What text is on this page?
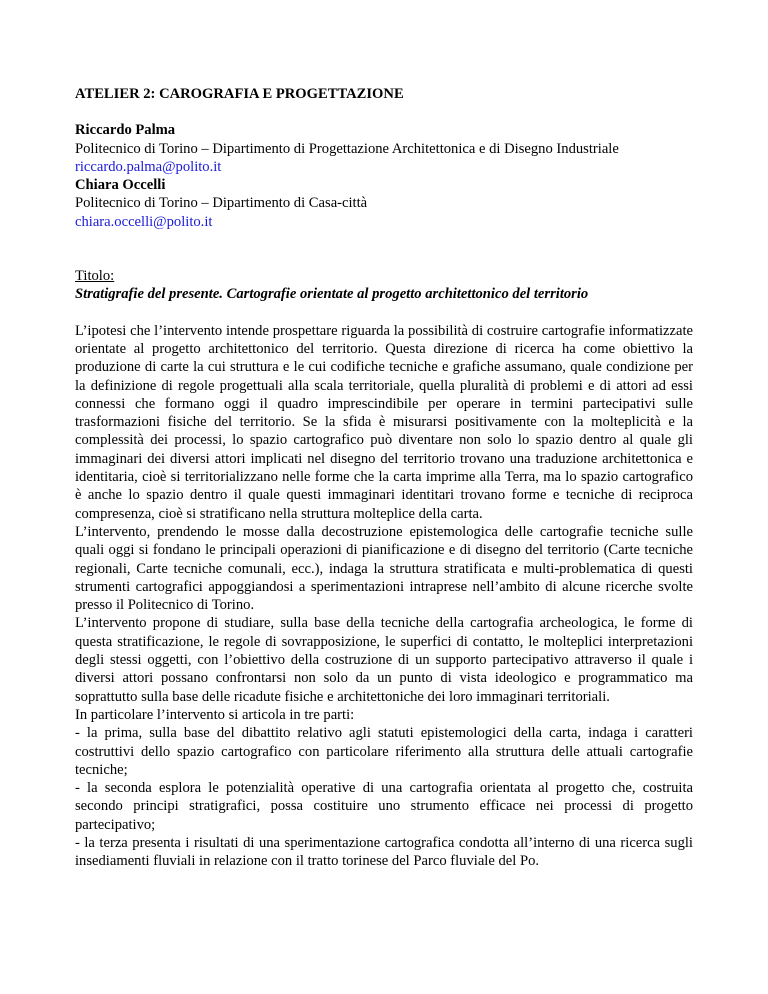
ATELIER 2: CAROGRAFIA E PROGETTAZIONE

Riccardo Palma

Politecnico di Torino – Dipartimento di Progettazione Architettonica e di Disegno Industriale

riccardo.palma@polito.it

Chiara Occelli

Politecnico di Torino – Dipartimento di Casa-città

chiara.occelli@polito.it

Titolo:

Stratigrafie del presente. Cartografie orientate al progetto architettonico del territorio

L’ipotesi che l’intervento intende prospettare riguarda la possibilità di costruire cartografie informatizzate orientate al progetto architettonico del territorio. Questa direzione di ricerca ha come obiettivo la produzione di carte la cui struttura e le cui codifiche tecniche e grafiche assumano, quale condizione per la definizione di regole progettuali alla scala territoriale, quella pluralità di problemi e di attori ad essi connessi che formano oggi il quadro imprescindibile per operare in termini partecipativi sulle trasformazioni fisiche del territorio. Se la sfida è misurarsi positivamente con la molteplicità e la complessità dei processi, lo spazio cartografico può diventare non solo lo spazio dentro al quale gli immaginari dei diversi attori implicati nel disegno del territorio trovano una traduzione architettonica e identitaria, cioè si territorializzano nelle forme che la carta imprime alla Terra, ma lo spazio cartografico è anche lo spazio dentro il quale questi immaginari identitari trovano forme e tecniche di reciproca compresenza, cioè si stratificano nella struttura molteplice della carta.

L’intervento, prendendo le mosse dalla decostruzione epistemologica delle cartografie tecniche sulle quali oggi si fondano le principali operazioni di pianificazione e di disegno del territorio (Carte tecniche regionali, Carte tecniche comunali, ecc.), indaga la struttura stratificata e multi-problematica di questi strumenti cartografici appoggiandosi a sperimentazioni intraprese nell’ambito di alcune ricerche svolte presso il Politecnico di Torino.

L’intervento propone di studiare, sulla base della tecniche della cartografia archeologica, le forme di questa stratificazione, le regole di sovrapposizione, le superfici di contatto, le molteplici interpretazioni degli stessi oggetti, con l’obiettivo della costruzione di un supporto partecipativo attraverso il quale i diversi attori possano confrontarsi non solo da un punto di vista ideologico e programmatico ma soprattutto sulla base delle ricadute fisiche e architettoniche dei loro immaginari territoriali.

In particolare l’intervento si articola in tre parti:

- la prima, sulla base del dibattito relativo agli statuti epistemologici della carta, indaga i caratteri costruttivi dello spazio cartografico con particolare riferimento alla struttura delle attuali cartografie tecniche;

- la seconda esplora le potenzialità operative di una cartografia orientata al progetto che, costruita secondo principi stratigrafici, possa costituire uno strumento efficace nei processi di progetto partecipativo;

- la terza presenta i risultati di una sperimentazione cartografica condotta all’interno di una ricerca sugli insediamenti fluviali in relazione con il tratto torinese del Parco fluviale del Po.
